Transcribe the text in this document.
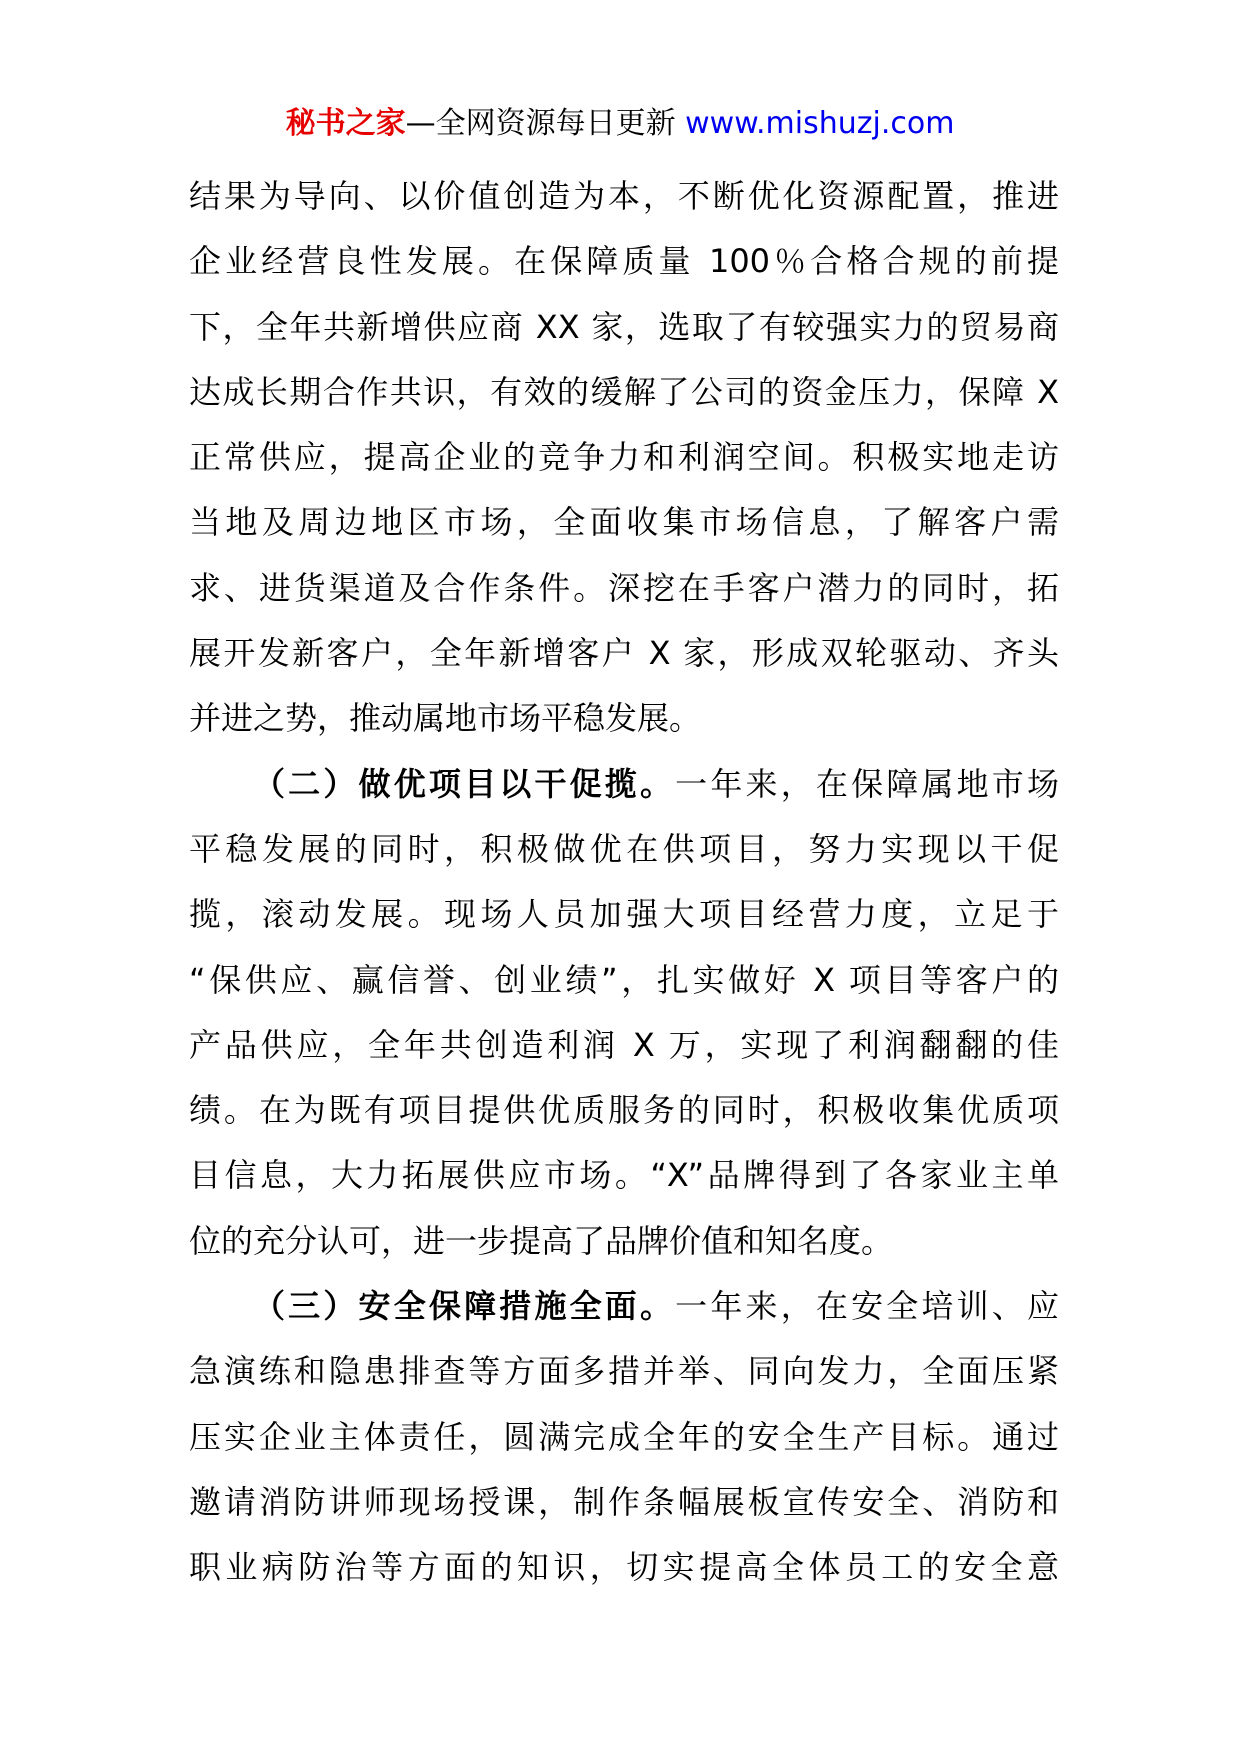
秘书之家—全网资源每日更新 www.mishuzj.com
结果为导向、以价值创造为本，不断优化资源配置，推进
企业经营良性发展。在保障质量 100％合格合规的前提
下，全年共新增供应商 XX 家，选取了有较强实力的贸易商
达成长期合作共识，有效的缓解了公司的资金压力，保障 X
正常供应，提高企业的竞争力和利润空间。积极实地走访
当地及周边地区市场，全面收集市场信息，了解客户需
求、进货渠道及合作条件。深挖在手客户潜力的同时，拓
展开发新客户，全年新增客户 X 家，形成双轮驱动、齐头
并进之势，推动属地市场平稳发展。
（二）做优项目以干促揽。一年来，在保障属地市场
平稳发展的同时，积极做优在供项目，努力实现以干促
揽，滚动发展。现场人员加强大项目经营力度，立足于
“保供应、赢信誉、创业绩”，扎实做好 X 项目等客户的
产品供应，全年共创造利润 X 万，实现了利润翻翻的佳
绩。在为既有项目提供优质服务的同时，积极收集优质项
目信息，大力拓展供应市场。“X”品牌得到了各家业主单
位的充分认可，进一步提高了品牌价值和知名度。
（三）安全保障措施全面。一年来，在安全培训、应
急演练和隐患排查等方面多措并举、同向发力，全面压紧
压实企业主体责任，圆满完成全年的安全生产目标。通过
邀请消防讲师现场授课，制作条幅展板宣传安全、消防和
职业病防治等方面的知识，切实提高全体员工的安全意
